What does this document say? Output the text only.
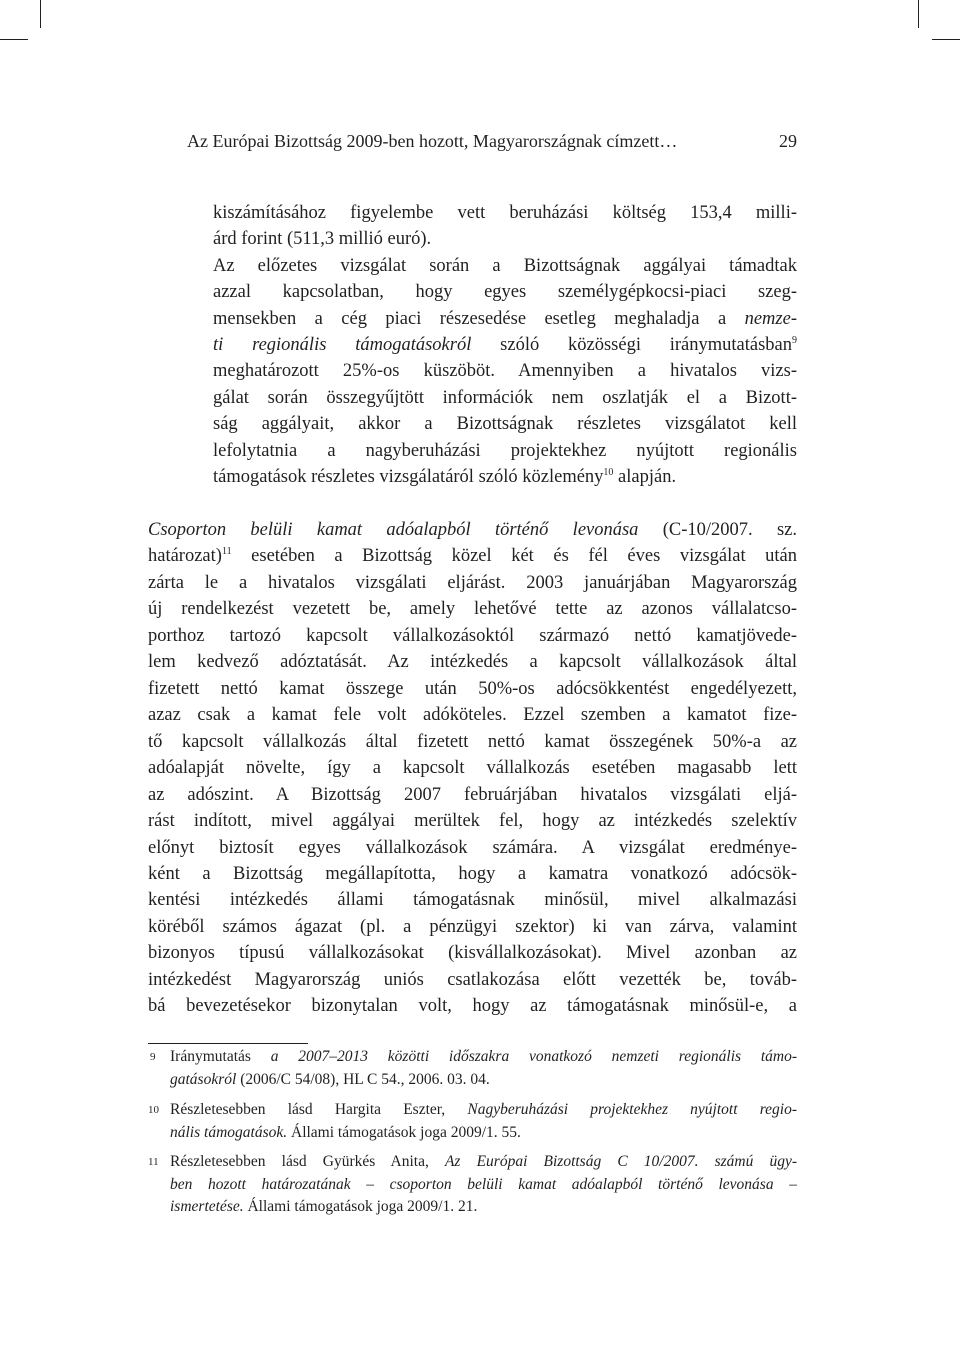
Az Európai Bizottság 2009-ben hozott, Magyarországnak címzett…	29
kiszámításához figyelembe vett beruházási költség 153,4 milli-
árd forint (511,3 millió euró).
Az előzetes vizsgálat során a Bizottságnak aggályai támadtak
azzal kapcsolatban, hogy egyes személygépkocsi-piaci szeg-
mensekben a cég piaci részesedése esetleg meghaladja a nemze-
ti regionális támogatásokról szóló közösségi iránymutatásban$^9$
meghatározott 25%-os küszöböt. Amennyiben a hivatalos vizs-
gálat során összegyűjtött információk nem oszlatják el a Bizott-
ság aggályait, akkor a Bizottságnak részletes vizsgálatot kell
lefolytatnia a nagyberuházási projektekhez nyújtott regionális
támogatások részletes vizsgálatáról szóló közlemény$^{10}$ alapján.
Csoporton belüli kamat adóalapból történő levonása (C-10/2007. sz.
határozat)$^{11}$ esetében a Bizottság közel két és fél éves vizsgálat után
zárta le a hivatalos vizsgálati eljárást. 2003 januárjában Magyarország
új rendelkezést vezetett be, amely lehetővé tette az azonos vállalatcso-
porthoz tartozó kapcsolt vállalkozásoktól származó nettó kamatjövede-
lem kedvező adóztatását. Az intézkedés a kapcsolt vállalkozások által
fizetett nettó kamat összege után 50%-os adócsökkentést engedélyezett,
azaz csak a kamat fele volt adóköteles. Ezzel szemben a kamatot fize-
tő kapcsolt vállalkozás által fizetett nettó kamat összegének 50%-a az
adóalapját növelte, így a kapcsolt vállalkozás esetében magasabb lett
az adószint. A Bizottság 2007 februárjában hivatalos vizsgálati eljá-
rást indított, mivel aggályai merültek fel, hogy az intézkedés szelektív
előnyt biztosít egyes vállalkozások számára. A vizsgálat eredménye-
ként a Bizottság megállapította, hogy a kamatra vonatkozó adócsök-
kentési intézkedés állami támogatásnak minősül, mivel alkalmazási
köréből számos ágazat (pl. a pénzügyi szektor) ki van zárva, valamint
bizonyos típusú vállalkozásokat (kisvállalkozásokat). Mivel azonban az
intézkedést Magyarország uniós csatlakozása előtt vezették be, továb-
bá bevezetésekor bizonytalan volt, hogy az támogatásnak minősül-e, a
9 Iránymutatás a 2007–2013 közötti időszakra vonatkozó nemzeti regionális támo-
gatásokról (2006/C 54/08), HL C 54., 2006. 03. 04.
10 Részletesebben lásd Hargita Eszter, Nagyberuházási projektekhez nyújtott regio-
nális támogatások. Állami támogatások joga 2009/1. 55.
11 Részletesebben lásd Gyürkés Anita, Az Európai Bizottság C 10/2007. számú ügy-
ben hozott határozatának – csoporton belüli kamat adóalapból történő levonása –
ismertetése. Állami támogatások joga 2009/1. 21.
